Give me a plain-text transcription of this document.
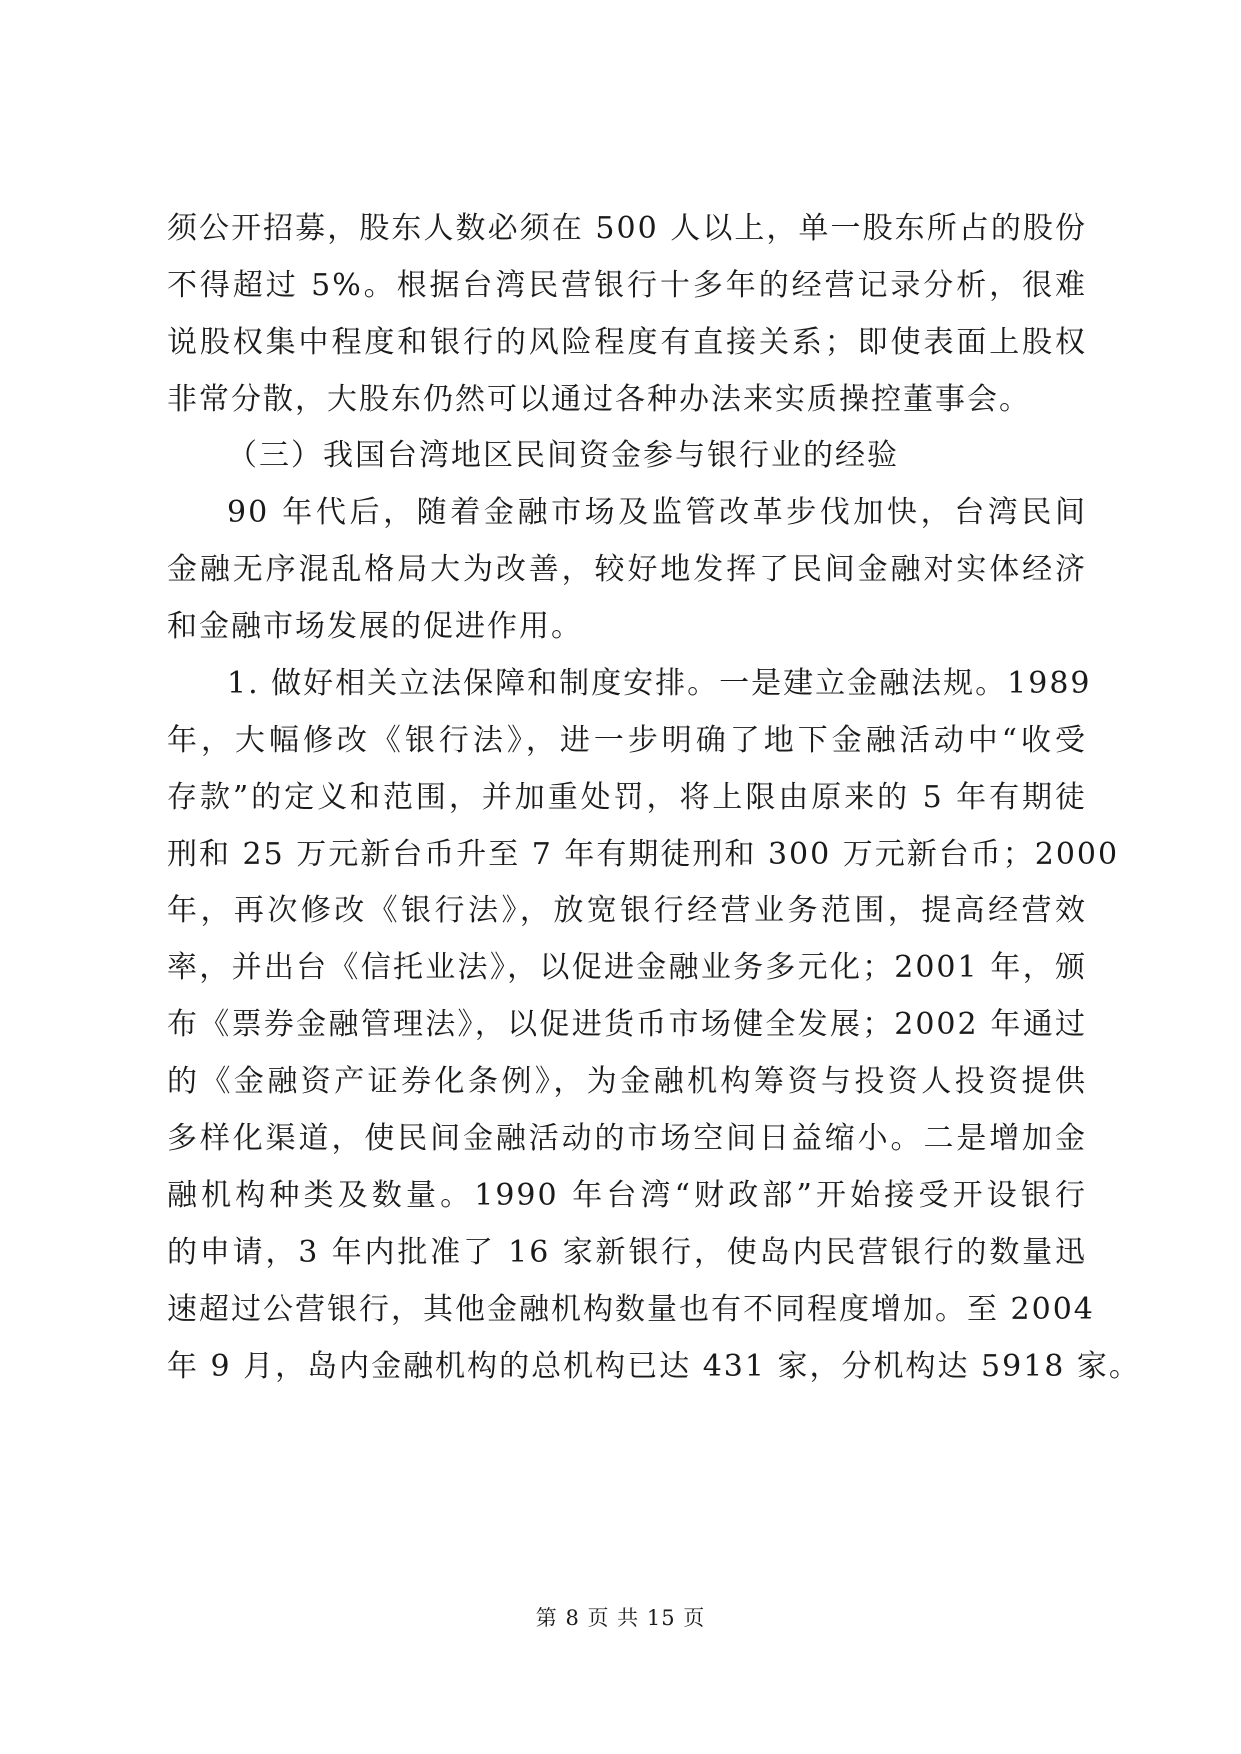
须公开招募，股东人数必须在 500 人以上，单一股东所占的股份
不得超过 5%。根据台湾民营银行十多年的经营记录分析，很难
说股权集中程度和银行的风险程度有直接关系；即使表面上股权
非常分散，大股东仍然可以通过各种办法来实质操控董事会。
（三）我国台湾地区民间资金参与银行业的经验
90 年代后，随着金融市场及监管改革步伐加快，台湾民间
金融无序混乱格局大为改善，较好地发挥了民间金融对实体经济
和金融市场发展的促进作用。
1. 做好相关立法保障和制度安排。一是建立金融法规。1989
年，大幅修改《银行法》，进一步明确了地下金融活动中“收受
存款”的定义和范围，并加重处罚，将上限由原来的 5 年有期徒
刑和 25 万元新台币升至 7 年有期徒刑和 300 万元新台币；2000
年，再次修改《银行法》，放宽银行经营业务范围，提高经营效
率，并出台《信托业法》，以促进金融业务多元化；2001 年，颁
布《票券金融管理法》，以促进货币市场健全发展；2002 年通过
的《金融资产证券化条例》，为金融机构筹资与投资人投资提供
多样化渠道，使民间金融活动的市场空间日益缩小。二是增加金
融机构种类及数量。1990 年台湾“财政部”开始接受开设银行
的申请，3 年内批准了 16 家新银行，使岛内民营银行的数量迅
速超过公营银行，其他金融机构数量也有不同程度增加。至 2004
年 9 月，岛内金融机构的总机构已达 431 家，分机构达 5918 家。
第 8 页 共 15 页
